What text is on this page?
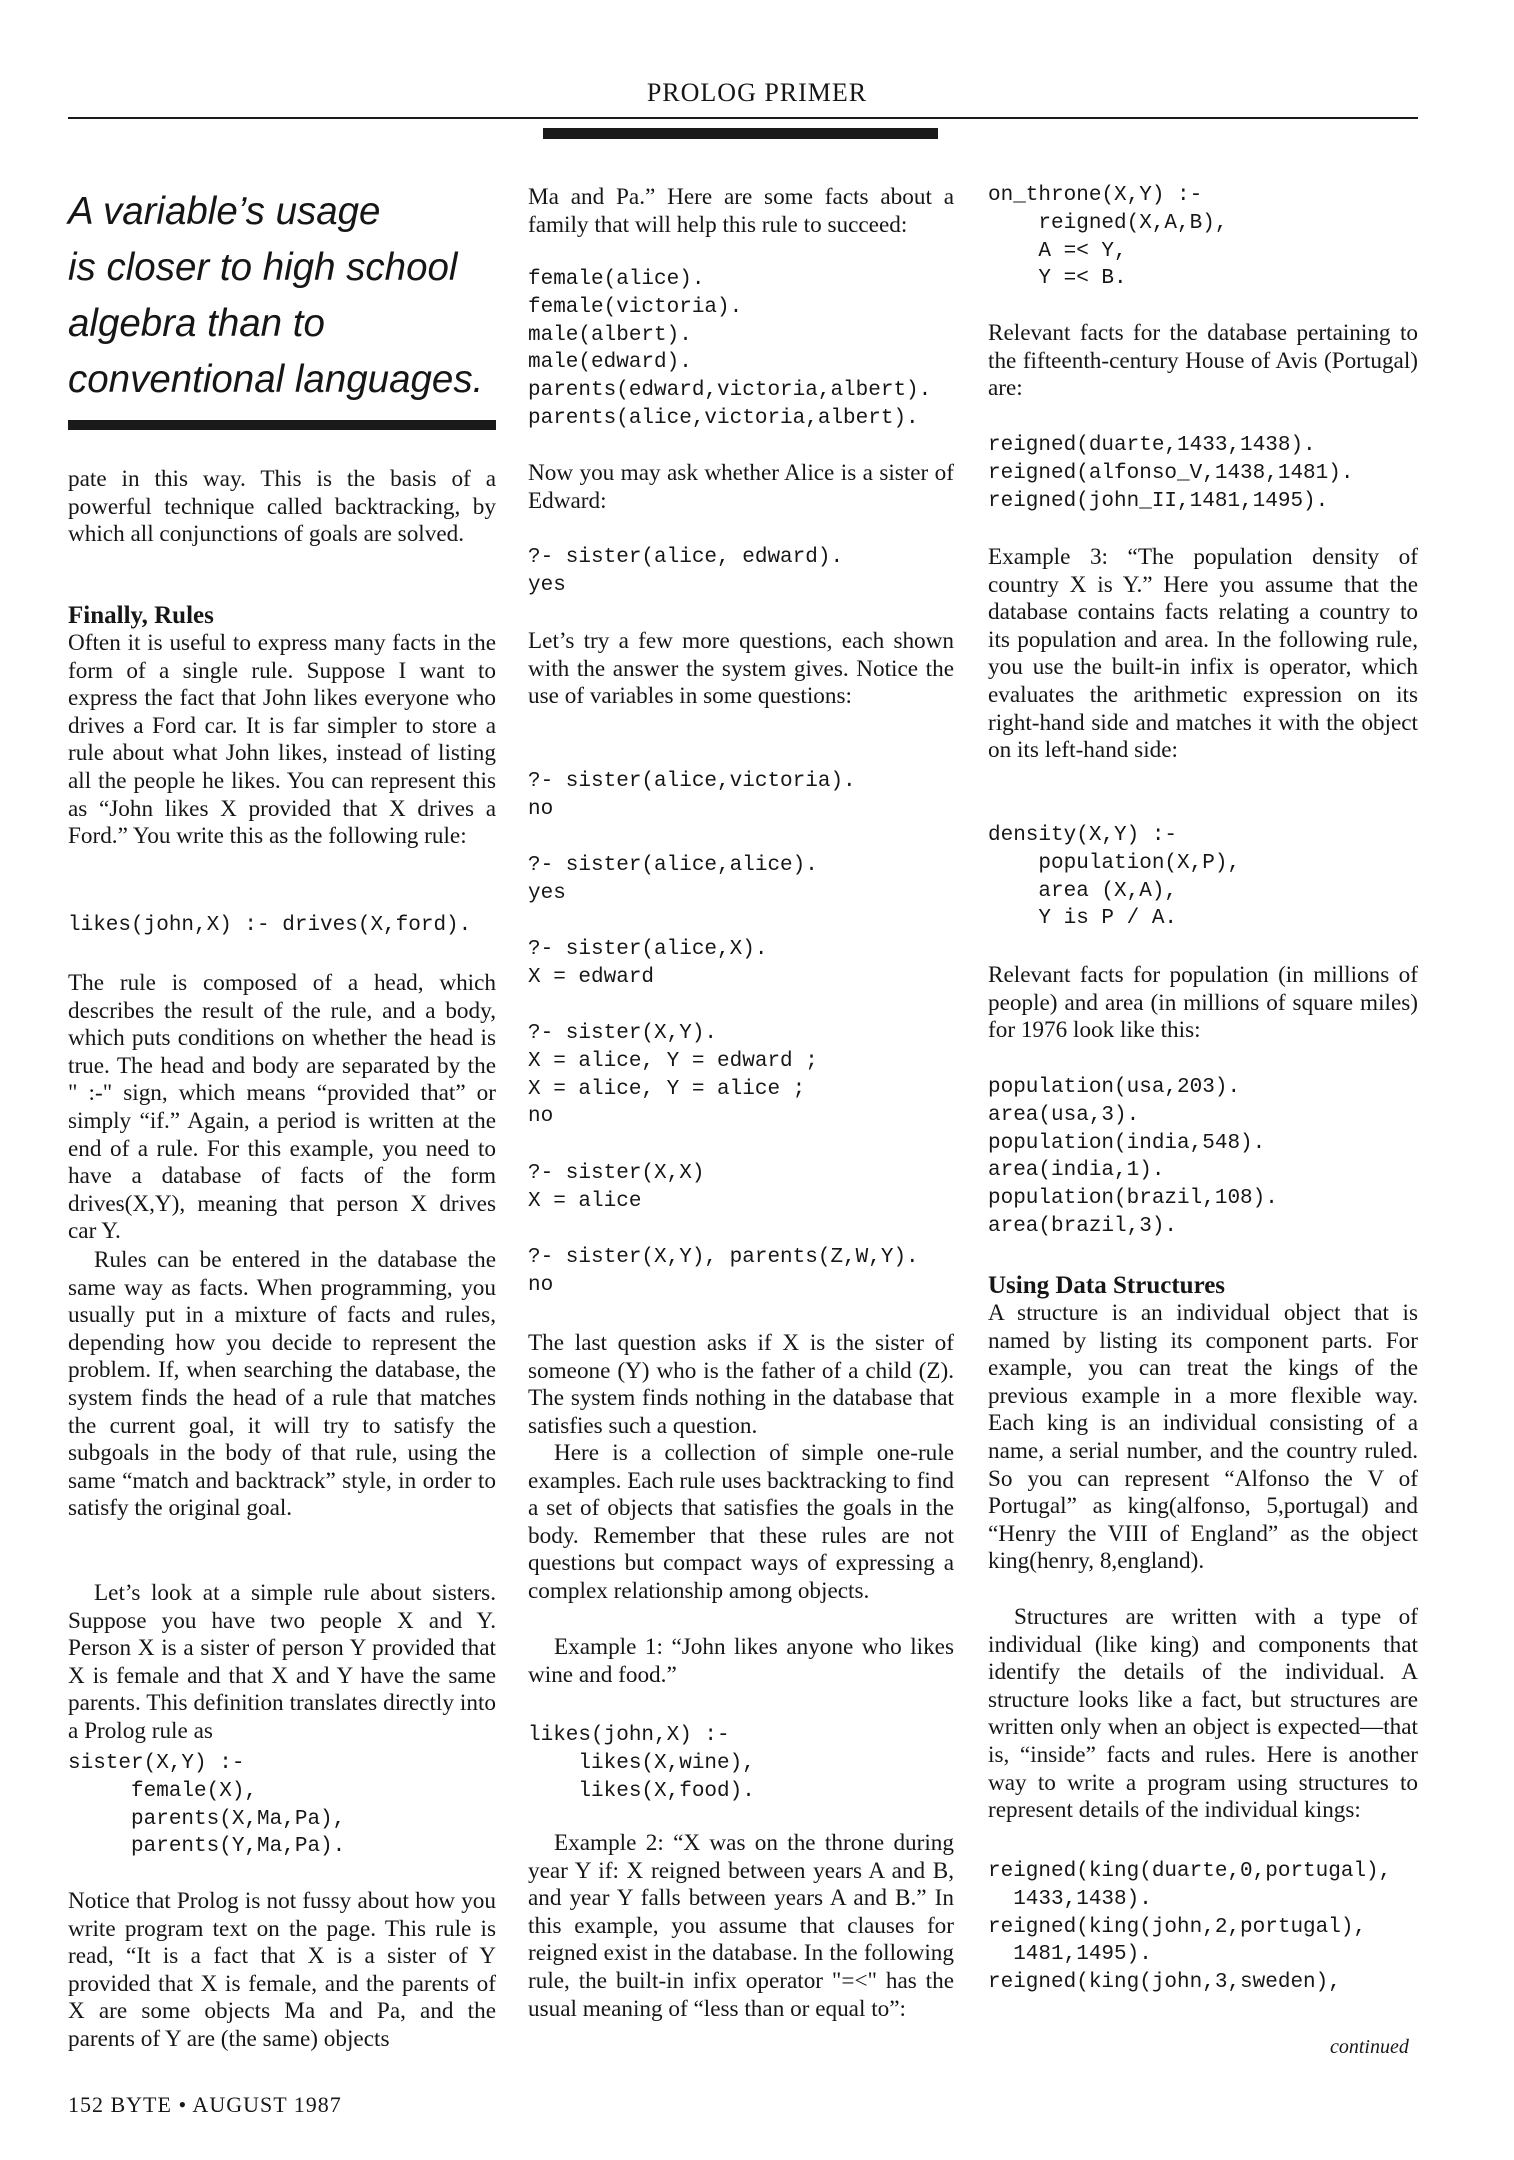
PROLOG PRIMER

A variable’s usage

is closer to high school

algebra than to

conventional languages.

pate in this way. This is the basis of a powerful technique called backtracking, by which all conjunctions of goals are solved.

Finally, Rules

Often it is useful to express many facts in the form of a single rule. Suppose I want to express the fact that John likes everyone who drives a Ford car. It is far simpler to store a rule about what John likes, instead of listing all the people he likes. You can represent this as “John likes X provided that X drives a Ford.” You write this as the following rule:

likes(john,X) :- drives(X,ford).

The rule is composed of a head, which describes the result of the rule, and a body, which puts conditions on whether the head is true. The head and body are separated by the " :-" sign, which means “provided that” or simply “if.” Again, a period is written at the end of a rule. For this example, you need to have a database of facts of the form drives(X,Y), meaning that person X drives car Y.

Rules can be entered in the database the same way as facts. When programming, you usually put in a mixture of facts and rules, depending how you decide to represent the problem. If, when searching the database, the system finds the head of a rule that matches the current goal, it will try to satisfy the subgoals in the body of that rule, using the same “match and backtrack” style, in order to satisfy the original goal.

Let’s look at a simple rule about sisters. Suppose you have two people X and Y. Person X is a sister of person Y provided that X is female and that X and Y have the same parents. This definition translates directly into a Prolog rule as

sister(X,Y) :-
female(X),
parents(X,Ma,Pa),
parents(Y,Ma,Pa).

Notice that Prolog is not fussy about how you write program text on the page. This rule is read, “It is a fact that X is a sister of Y provided that X is female, and the parents of X are some objects Ma and Pa, and the parents of Y are (the same) objects

Ma and Pa.” Here are some facts about a family that will help this rule to succeed:

female(alice).
female(victoria).
male(albert).
male(edward).
parents(edward,victoria,albert).
parents(alice,victoria,albert).

Now you may ask whether Alice is a sister of Edward:

?- sister(alice, edward).
yes

Let’s try a few more questions, each shown with the answer the system gives. Notice the use of variables in some questions:

?- sister(alice,victoria).
no

?- sister(alice,alice).
yes

?- sister(alice,X).
X = edward

?- sister(X,Y).
X = alice, Y = edward ;
X = alice, Y = alice ;
no

?- sister(X,X)
X = alice

?- sister(X,Y), parents(Z,W,Y).
no

The last question asks if X is the sister of someone (Y) who is the father of a child (Z). The system finds nothing in the database that satisfies such a question.

Here is a collection of simple one-rule examples. Each rule uses backtracking to find a set of objects that satisfies the goals in the body. Remember that these rules are not questions but compact ways of expressing a complex relationship among objects.

Example 1: “John likes anyone who likes wine and food.”

likes(john,X) :-
likes(X,wine),
likes(X,food).

Example 2: “X was on the throne during year Y if: X reigned between years A and B, and year Y falls between years A and B.” In this example, you assume that clauses for reigned exist in the database. In the following rule, the built-in infix operator "=<" has the usual meaning of “less than or equal to”:

on_throne(X,Y) :-
reigned(X,A,B),
A =< Y,
Y =< B.

Relevant facts for the database pertaining to the fifteenth-century House of Avis (Portugal) are:

reigned(duarte,1433,1438).
reigned(alfonso_V,1438,1481).
reigned(john_II,1481,1495).

Example 3: “The population density of country X is Y.” Here you assume that the database contains facts relating a country to its population and area. In the following rule, you use the built-in infix is operator, which evaluates the arithmetic expression on its right-hand side and matches it with the object on its left-hand side:

density(X,Y) :-
population(X,P),
area (X,A),
Y is P / A.

Relevant facts for population (in millions of people) and area (in millions of square miles) for 1976 look like this:

population(usa,203).
area(usa,3).
population(india,548).
area(india,1).
population(brazil,108).
area(brazil,3).

Using Data Structures

A structure is an individual object that is named by listing its component parts. For example, you can treat the kings of the previous example in a more flexible way. Each king is an individual consisting of a name, a serial number, and the country ruled. So you can represent “Alfonso the V of Portugal” as king(alfonso, 5,portugal) and “Henry the VIII of England” as the object king(henry, 8,england).

Structures are written with a type of individual (like king) and components that identify the details of the individual. A structure looks like a fact, but structures are written only when an object is expected—that is, “inside” facts and rules. Here is another way to write a program using structures to represent details of the individual kings:

reigned(king(duarte,0,portugal),
1433,1438).
reigned(king(john,2,portugal),
1481,1495).
reigned(king(john,3,sweden),

continued
152 BYTE • AUGUST 1987
